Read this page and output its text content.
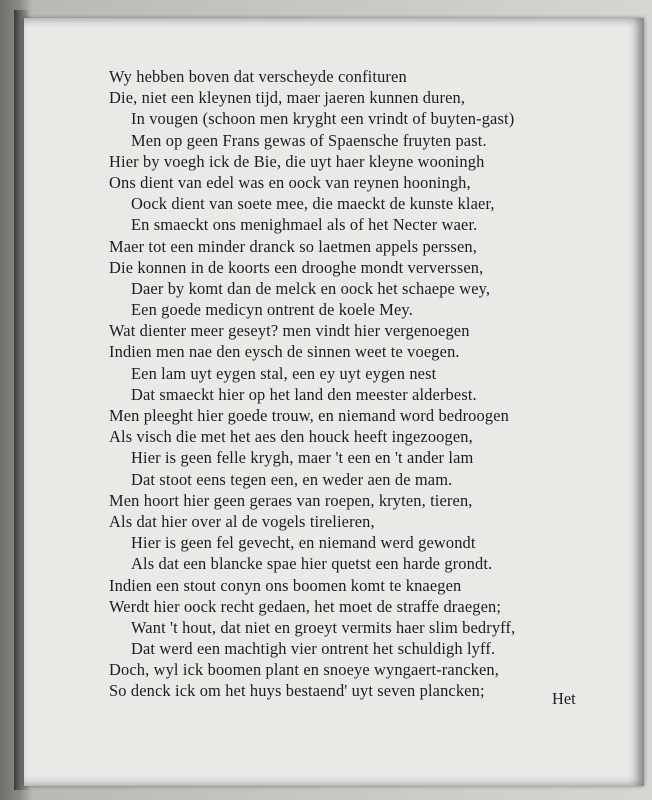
Wy hebben boven dat verscheyde confituren
Die, niet een kleynen tijd, maer jaeren kunnen duren,
In vougen (schoon men kryght een vrindt of buyten-gast)
Men op geen Frans gewas of Spaensche fruyten past.
Hier by voegh ick de Bie, die uyt haer kleyne wooningh
Ons dient van edel was en oock van reynen hooningh,
Oock dient van soete mee, die maeckt de kunste klaer,
En smaeckt ons menighmael als of het Necter waer.
Maer tot een minder dranck so laetmen appels perssen,
Die konnen in de koorts een drooghe mondt ververssen,
Daer by komt dan de melck en oock het schaepe wey,
Een goede medicyn ontrent de koele Mey.
Wat dienter meer geseyt? men vindt hier vergenoegen
Indien men nae den eysch de sinnen weet te voegen.
Een lam uyt eygen stal, een ey uyt eygen nest
Dat smaeckt hier op het land den meester alderbest.
Men pleeght hier goede trouw, en niemand word bedroogen
Als visch die met het aes den houck heeft ingezoogen,
Hier is geen felle krygh, maer 't een en 't ander lam
Dat stoot eens tegen een, en weder aen de mam.
Men hoort hier geen geraes van roepen, kryten, tieren,
Als dat hier over al de vogels tirelieren,
Hier is geen fel gevecht, en niemand werd gewondt
Als dat een blancke spae hier quetst een harde grondt.
Indien een stout conyn ons boomen komt te knaegen
Werdt hier oock recht gedaen, het moet de straffe draegen;
Want 't hout, dat niet en groeyt vermits haer slim bedryff,
Dat werd een machtigh vier ontrent het schuldigh lyff.
Doch, wyl ick boomen plant en snoeye wyngaert-rancken,
So denck ick om het huys bestaend' uyt seven plancken;	Het
